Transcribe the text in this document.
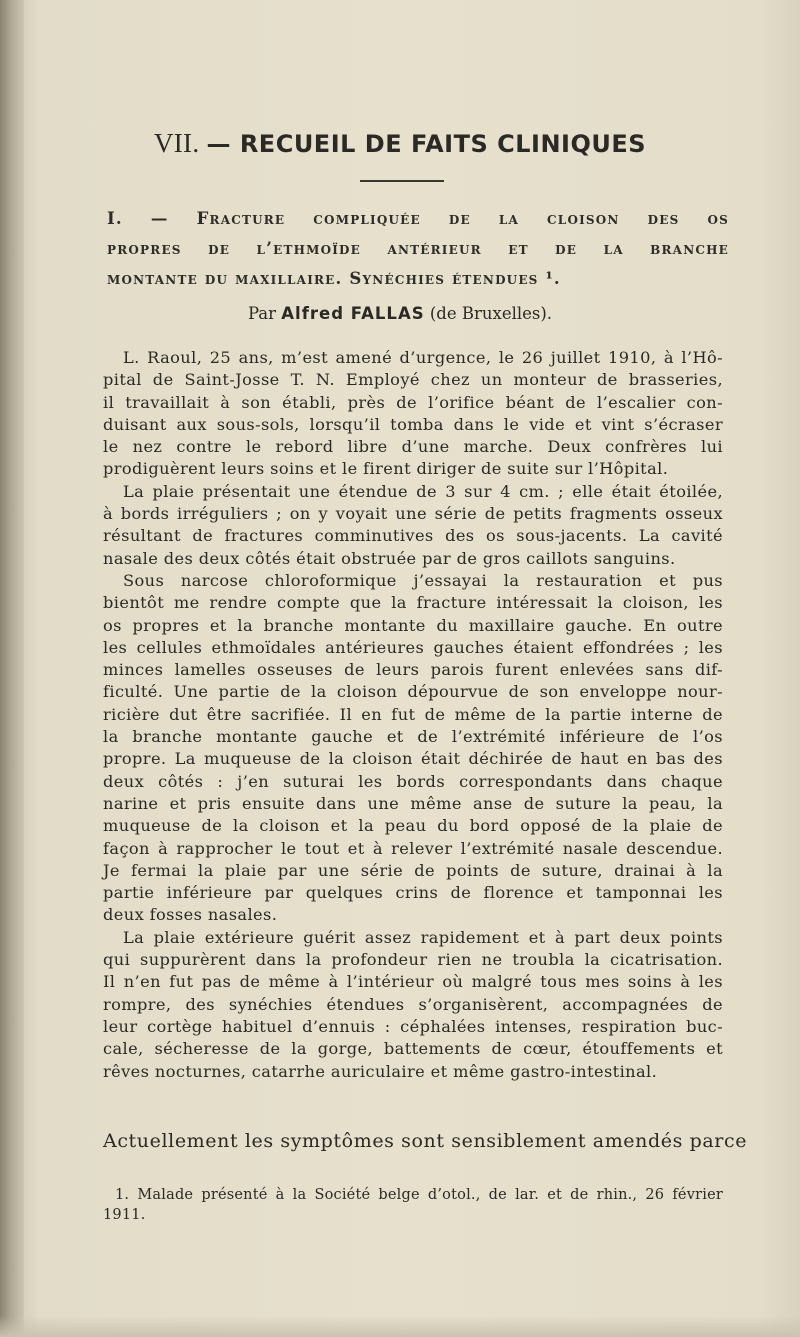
VII. — RECUEIL DE FAITS CLINIQUES
I. — Fracture compliquée de la cloison des os
propres de l’ethmoïde antérieur et de la branche
montante du maxillaire. Synéchies étendues ¹.

Par Alfred FALLAS (de Bruxelles).

L. Raoul, 25 ans, m’est amené d’urgence, le 26 juillet 1910, à l’Hô-
pital de Saint-Josse T. N. Employé chez un monteur de brasseries,
il travaillait à son établi, près de l’orifice béant de l’escalier con-
duisant aux sous-sols, lorsqu’il tomba dans le vide et vint s’écraser
le nez contre le rebord libre d’une marche. Deux confrères lui
prodiguèrent leurs soins et le firent diriger de suite sur l’Hôpital.
La plaie présentait une étendue de 3 sur 4 cm. ; elle était étoilée,
à bords irréguliers ; on y voyait une série de petits fragments osseux
résultant de fractures comminutives des os sous-jacents. La cavité
nasale des deux côtés était obstruée par de gros caillots sanguins.
Sous narcose chloroformique j’essayai la restauration et pus
bientôt me rendre compte que la fracture intéressait la cloison, les
os propres et la branche montante du maxillaire gauche. En outre
les cellules ethmoïdales antérieures gauches étaient effondrées ; les
minces lamelles osseuses de leurs parois furent enlevées sans dif-
ficulté. Une partie de la cloison dépourvue de son enveloppe nour-
ricière dut être sacrifiée. Il en fut de même de la partie interne de
la branche montante gauche et de l’extrémité inférieure de l’os
propre. La muqueuse de la cloison était déchirée de haut en bas des
deux côtés : j’en suturai les bords correspondants dans chaque
narine et pris ensuite dans une même anse de suture la peau, la
muqueuse de la cloison et la peau du bord opposé de la plaie de
façon à rapprocher le tout et à relever l’extrémité nasale descendue.
Je fermai la plaie par une série de points de suture, drainai à la
partie inférieure par quelques crins de florence et tamponnai les
deux fosses nasales.
La plaie extérieure guérit assez rapidement et à part deux points
qui suppurèrent dans la profondeur rien ne troubla la cicatrisation.
Il n’en fut pas de même à l’intérieur où malgré tous mes soins à les
rompre, des synéchies étendues s’organisèrent, accompagnées de
leur cortège habituel d’ennuis : céphalées intenses, respiration buc-
cale, sécheresse de la gorge, battements de cœur, étouffements et
rêves nocturnes, catarrhe auriculaire et même gastro-intestinal.

Actuellement les symptômes sont sensiblement amendés parce

1. Malade présenté à la Société belge d’otol., de lar. et de rhin., 26 février
1911.
